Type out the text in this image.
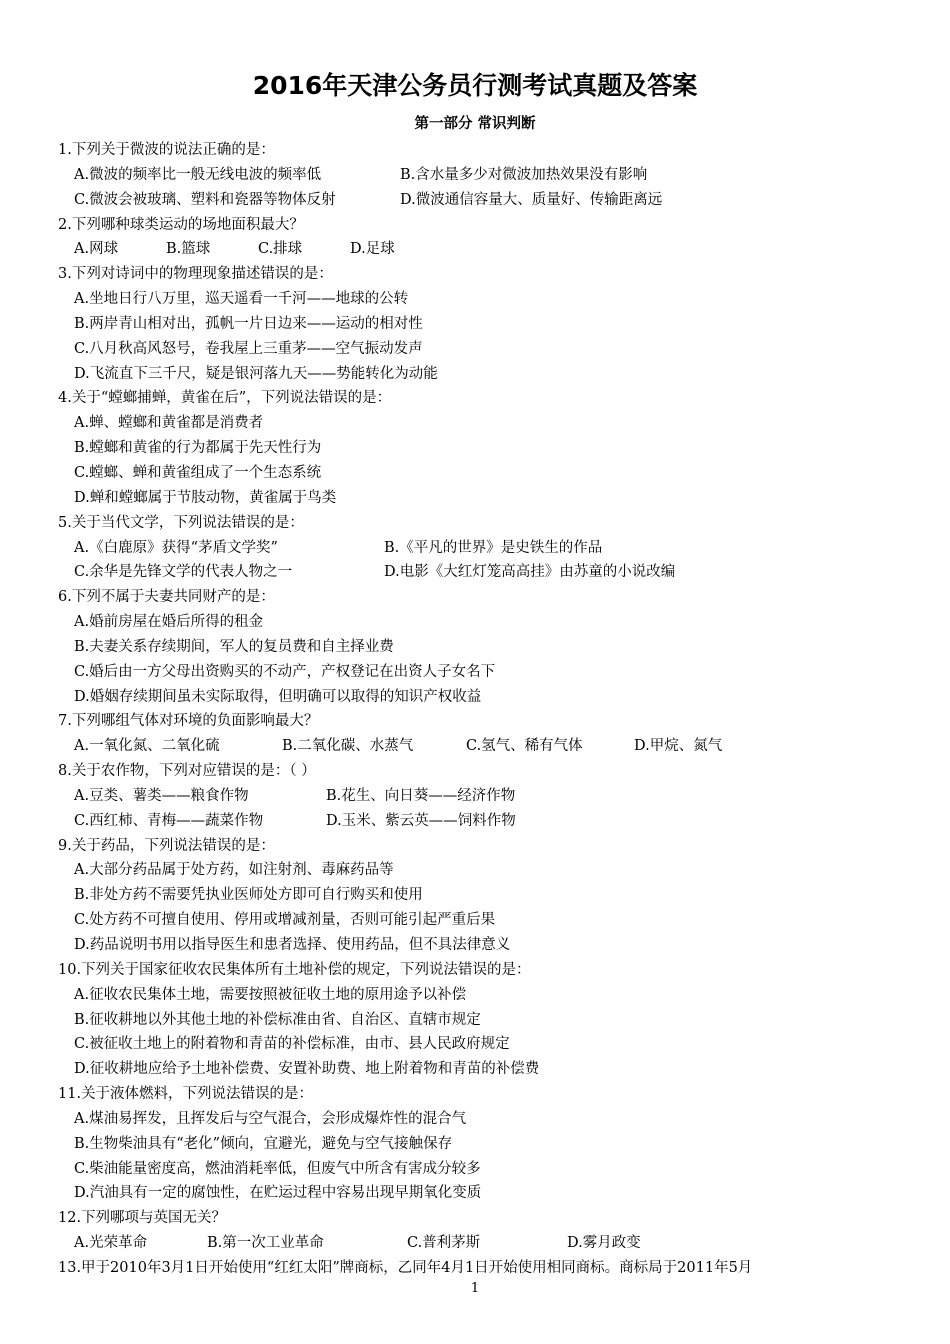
2016年天津公务员行测考试真题及答案
第一部分 常识判断
1.下列关于微波的说法正确的是：
A.微波的频率比一般无线电波的频率低	B.含水量多少对微波加热效果没有影响
C.微波会被玻璃、塑料和瓷器等物体反射	D.微波通信容量大、质量好、传输距离远
2.下列哪种球类运动的场地面积最大？
A.网球	B.篮球	C.排球	D.足球
3.下列对诗词中的物理现象描述错误的是：
A.坐地日行八万里，巡天遥看一千河——地球的公转
B.两岸青山相对出，孤帆一片日边来——运动的相对性
C.八月秋高风怒号，卷我屋上三重茅——空气振动发声
D.飞流直下三千尺，疑是银河落九天——势能转化为动能
4.关于“螳螂捕蝉，黄雀在后”，下列说法错误的是：
A.蝉、螳螂和黄雀都是消费者
B.螳螂和黄雀的行为都属于先天性行为
C.螳螂、蝉和黄雀组成了一个生态系统
D.蝉和螳螂属于节肢动物，黄雀属于鸟类
5.关于当代文学，下列说法错误的是：
A.《白鹿原》获得“茅盾文学奖”	B.《平凡的世界》是史铁生的作品
C.余华是先锋文学的代表人物之一	D.电影《大红灯笼高高挂》由苏童的小说改编
6.下列不属于夫妻共同财产的是：
A.婚前房屋在婚后所得的租金
B.夫妻关系存续期间，军人的复员费和自主择业费
C.婚后由一方父母出资购买的不动产，产权登记在出资人子女名下
D.婚姻存续期间虽未实际取得，但明确可以取得的知识产权收益
7.下列哪组气体对环境的负面影响最大？
A.一氧化氮、二氧化硫	B.二氧化碳、水蒸气	C.氢气、稀有气体	D.甲烷、氮气
8.关于农作物，下列对应错误的是：（ ）
A.豆类、薯类——粮食作物	B.花生、向日葵——经济作物
C.西红柿、青梅——蔬菜作物	D.玉米、紫云英——饲料作物
9.关于药品，下列说法错误的是：
A.大部分药品属于处方药，如注射剂、毒麻药品等
B.非处方药不需要凭执业医师处方即可自行购买和使用
C.处方药不可擅自使用、停用或增减剂量，否则可能引起严重后果
D.药品说明书用以指导医生和患者选择、使用药品，但不具法律意义
10.下列关于国家征收农民集体所有土地补偿的规定，下列说法错误的是：
A.征收农民集体土地，需要按照被征收土地的原用途予以补偿
B.征收耕地以外其他土地的补偿标准由省、自治区、直辖市规定
C.被征收土地上的附着物和青苗的补偿标准，由市、县人民政府规定
D.征收耕地应给予土地补偿费、安置补助费、地上附着物和青苗的补偿费
11.关于液体燃料，下列说法错误的是：
A.煤油易挥发，且挥发后与空气混合，会形成爆炸性的混合气
B.生物柴油具有“老化”倾向，宜避光，避免与空气接触保存
C.柴油能量密度高，燃油消耗率低，但废气中所含有害成分较多
D.汽油具有一定的腐蚀性，在贮运过程中容易出现早期氧化变质
12.下列哪项与英国无关？
A.光荣革命	B.第一次工业革命	C.普利茅斯	D.雾月政变
13.甲于2010年3月1日开始使用“红红太阳”牌商标，乙同年4月1日开始使用相同商标。商标局于2011年5月
1
